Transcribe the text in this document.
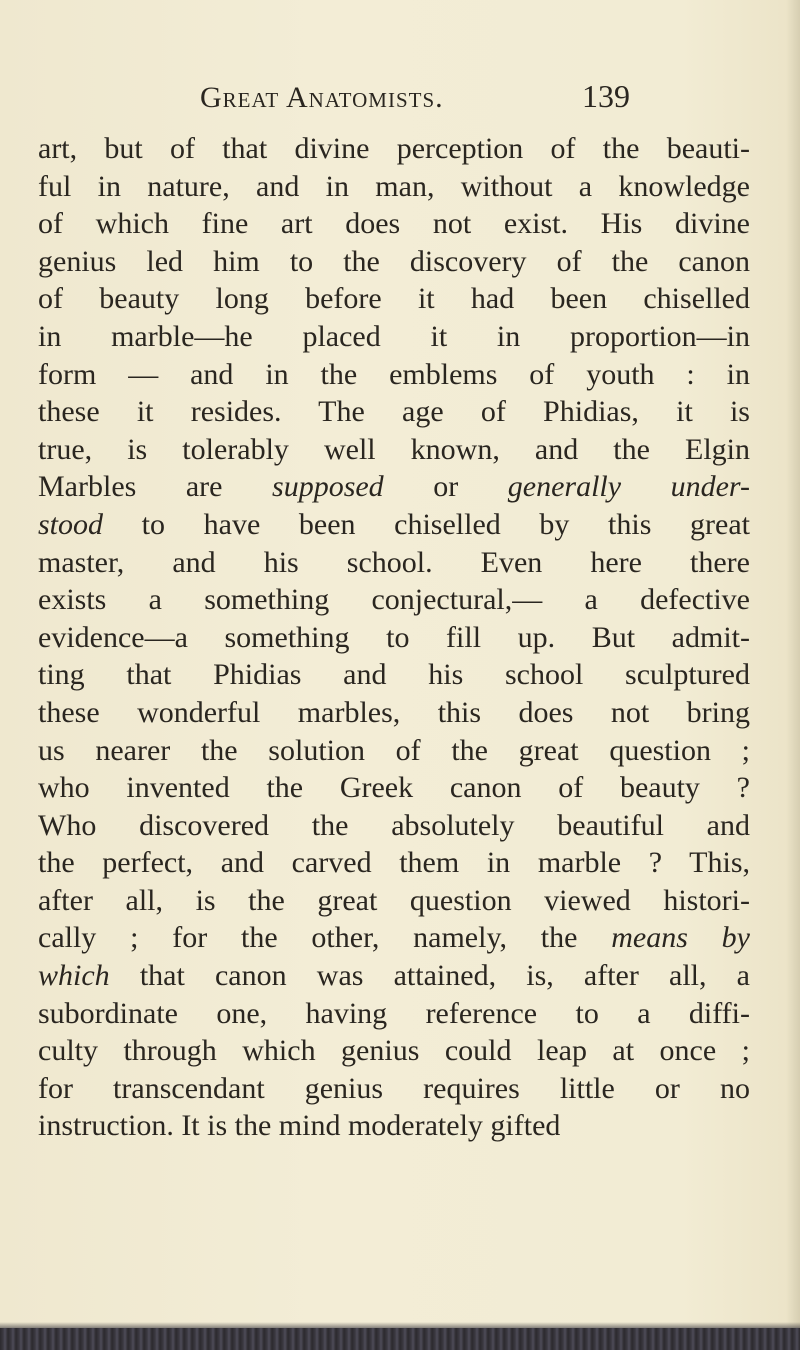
Great Anatomists.	139
art, but of that divine perception of the beauti-
ful in nature, and in man, without a knowledge
of which fine art does not exist. His divine
genius led him to the discovery of the canon
of beauty long before it had been chiselled
in marble—he placed it in proportion—in
form — and in the emblems of youth : in
these it resides. The age of Phidias, it is
true, is tolerably well known, and the Elgin
Marbles are supposed or generally under-
stood to have been chiselled by this great
master, and his school. Even here there
exists a something conjectural,— a defective
evidence—a something to fill up. But admit-
ting that Phidias and his school sculptured
these wonderful marbles, this does not bring
us nearer the solution of the great question ;
who invented the Greek canon of beauty ?
Who discovered the absolutely beautiful and
the perfect, and carved them in marble ? This,
after all, is the great question viewed histori-
cally ; for the other, namely, the means by
which that canon was attained, is, after all, a
subordinate one, having reference to a diffi-
culty through which genius could leap at once ;
for transcendant genius requires little or no
instruction. It is the mind moderately gifted
